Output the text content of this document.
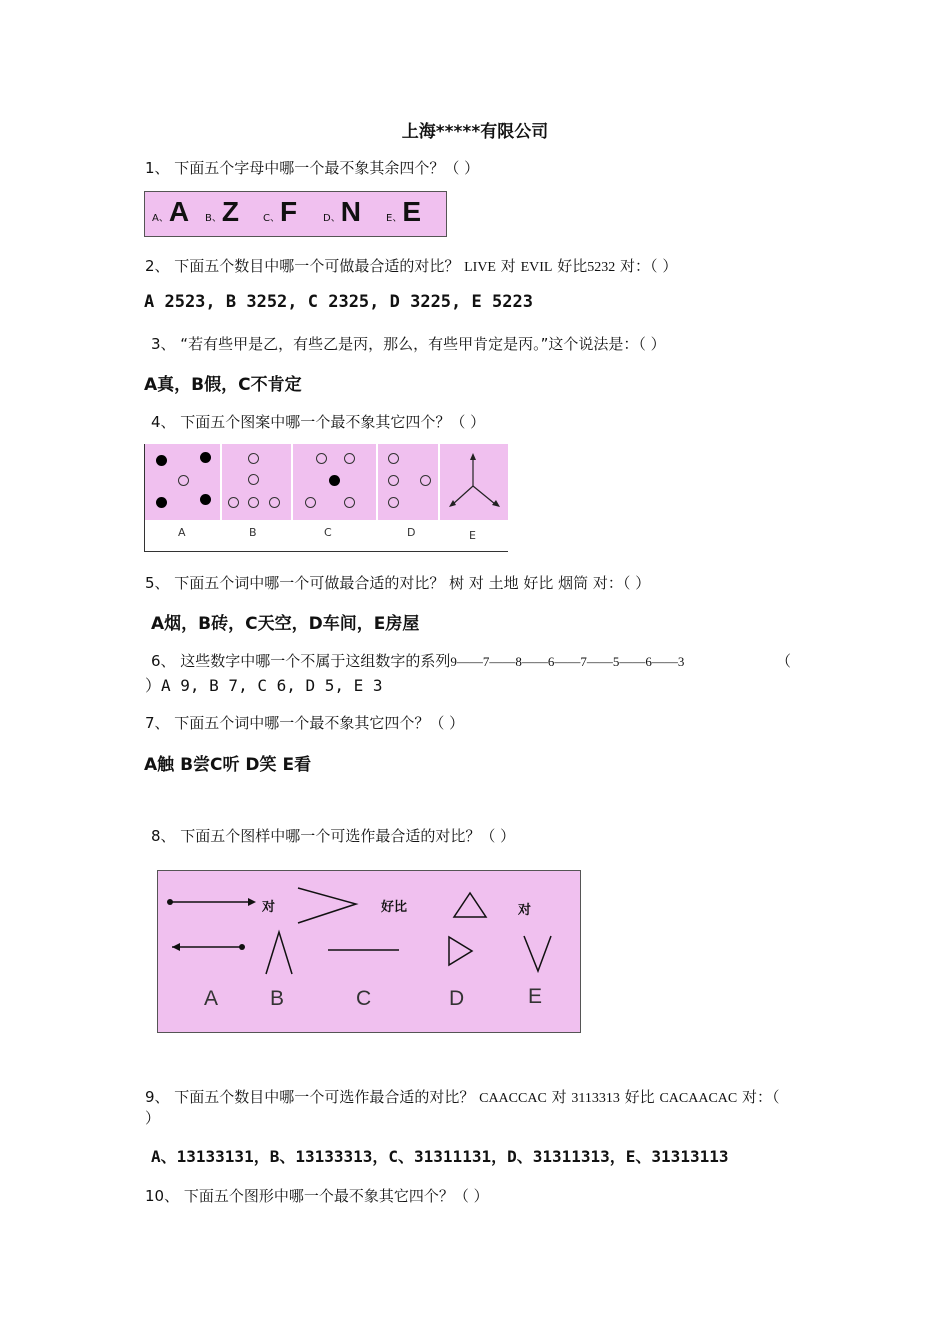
上海*****有限公司
1、 下面五个字母中哪一个最不象其余四个？（ ）
A、A B、Z C、F	D、N	E、E
2、 下面五个数目中哪一个可做最合适的对比？ LIVE 对 EVIL 好比5232 对：（ ）
A 2523, B 3252, C 2325, D 3225, E 5223
3、 “若有些甲是乙，有些乙是丙，那么，有些甲肯定是丙。”这个说法是：（ ）
A真，B假，C不肯定
4、 下面五个图案中哪一个最不象其它四个？（ ）
A	B	C	D	E
5、 下面五个词中哪一个可做最合适的对比？ 树 对 土地 好比 烟筒 对：（ ）
A烟，B砖，C天空，D车间，E房屋
6、 这些数字中哪一个不属于这组数字的系列9——7——8——6——7——5——6——3	（
）A 9, B 7, C 6, D 5, E 3
7、 下面五个词中哪一个最不象其它四个？（ ）
A触 B尝C听 D笑 E看
8、 下面五个图样中哪一个可选作最合适的对比？（ ）
对	好比	对
A B	C	D	E
9、 下面五个数目中哪一个可选作最合适的对比？ CAACCAC 对 3113313 好比 CACAACAC 对：（
）
A、13133131，B、13133313，C、31311131，D、31311313，E、31313113
10、 下面五个图形中哪一个最不象其它四个？（ ）
